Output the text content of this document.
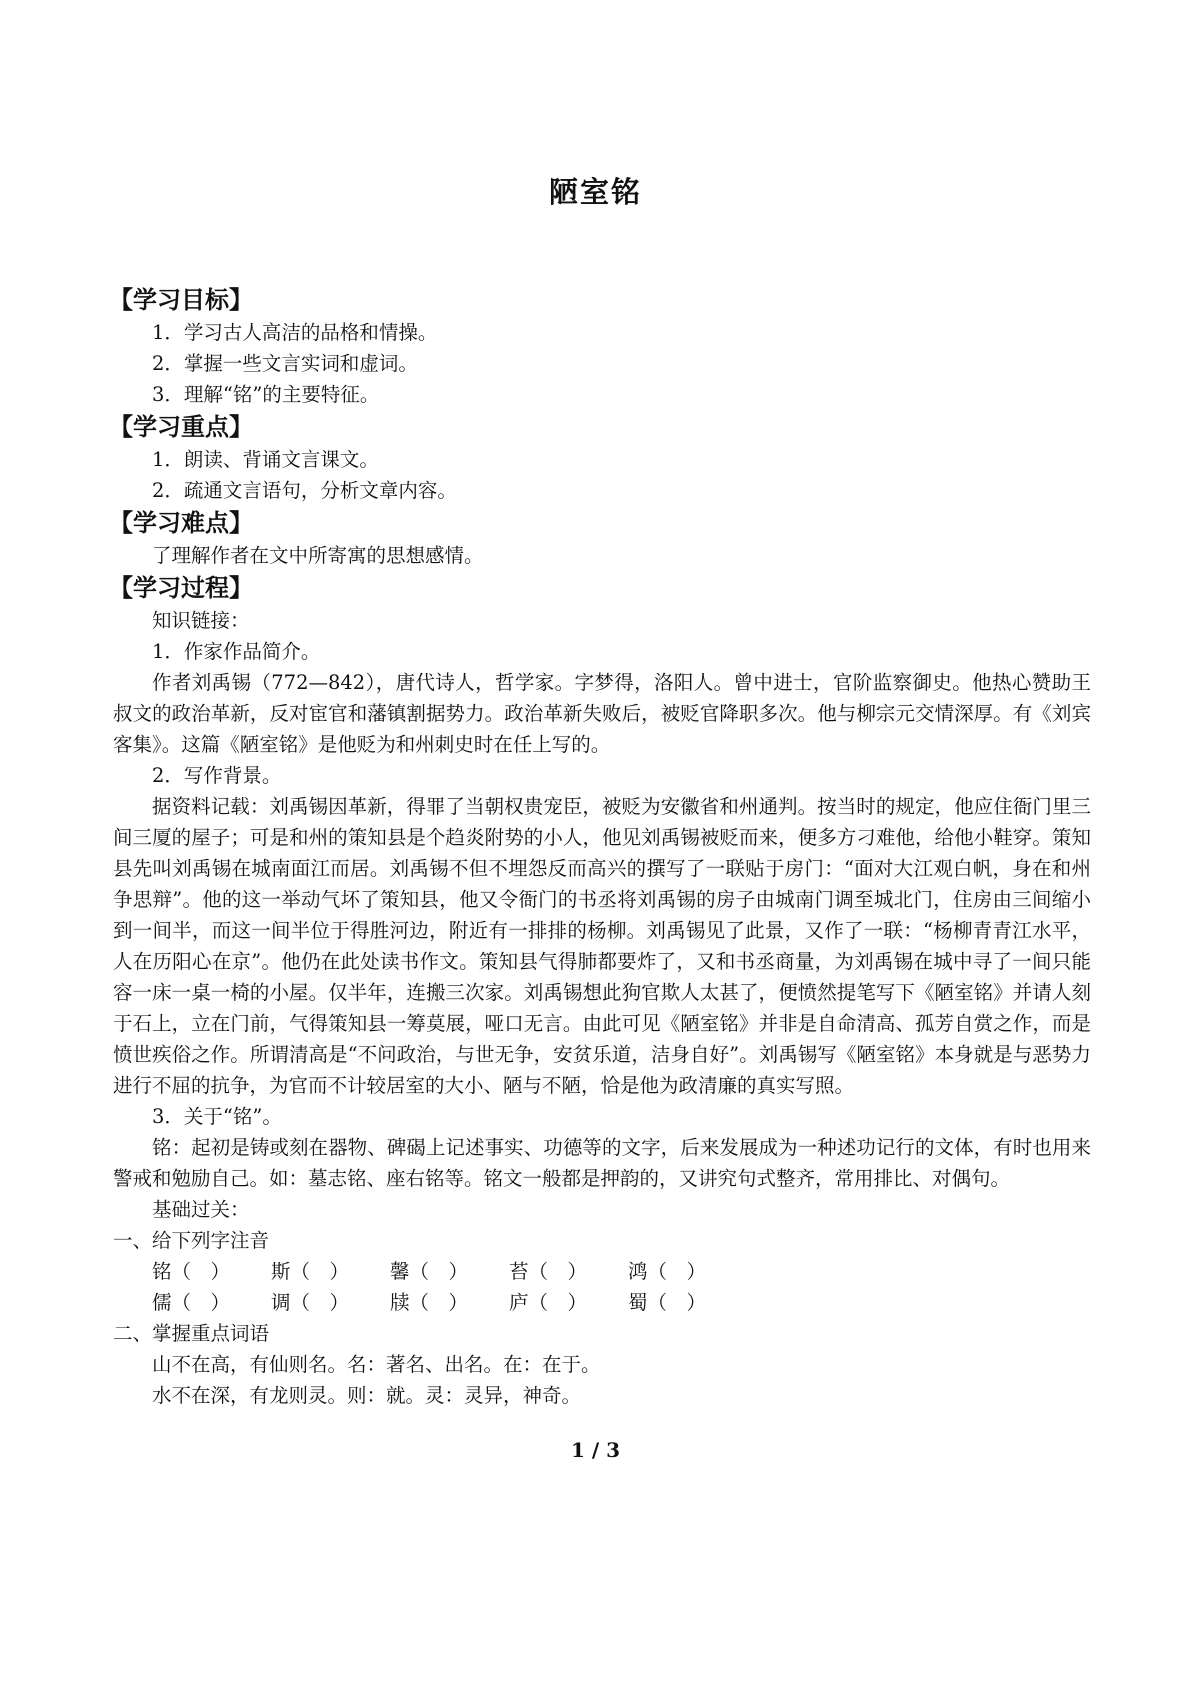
陋室铭
【学习目标】
1．学习古人高洁的品格和情操。
2．掌握一些文言实词和虚词。
3．理解“铭”的主要特征。
【学习重点】
1．朗读、背诵文言课文。
2．疏通文言语句，分析文章内容。
【学习难点】
了理解作者在文中所寄寓的思想感情。
【学习过程】
知识链接：
1．作家作品简介。
作者刘禹锡（772—842），唐代诗人，哲学家。字梦得，洛阳人。曾中进士，官阶监察御史。他热心赞助王叔文的政治革新，反对宦官和藩镇割据势力。政治革新失败后，被贬官降职多次。他与柳宗元交情深厚。有《刘宾客集》。这篇《陋室铭》是他贬为和州刺史时在任上写的。
2．写作背景。
据资料记载：刘禹锡因革新，得罪了当朝权贵宠臣，被贬为安徽省和州通判。按当时的规定，他应住衙门里三间三厦的屋子；可是和州的策知县是个趋炎附势的小人，他见刘禹锡被贬而来，便多方刁难他，给他小鞋穿。策知县先叫刘禹锡在城南面江而居。刘禹锡不但不埋怨反而高兴的撰写了一联贴于房门：“面对大江观白帆，身在和州争思辩”。他的这一举动气坏了策知县，他又令衙门的书丞将刘禹锡的房子由城南门调至城北门，住房由三间缩小到一间半，而这一间半位于得胜河边，附近有一排排的杨柳。刘禹锡见了此景，又作了一联：“杨柳青青江水平，人在历阳心在京”。他仍在此处读书作文。策知县气得肺都要炸了，又和书丞商量，为刘禹锡在城中寻了一间只能容一床一桌一椅的小屋。仅半年，连搬三次家。刘禹锡想此狗官欺人太甚了，便愤然提笔写下《陋室铭》并请人刻于石上，立在门前，气得策知县一筹莫展，哑口无言。由此可见《陋室铭》并非是自命清高、孤芳自赏之作，而是愤世疾俗之作。所谓清高是“不问政治，与世无争，安贫乐道，洁身自好”。刘禹锡写《陋室铭》本身就是与恶势力进行不屈的抗争，为官而不计较居室的大小、陋与不陋，恰是他为政清廉的真实写照。
3．关于“铭”。
铭：起初是铸或刻在器物、碑碣上记述事实、功德等的文字，后来发展成为一种述功记行的文体，有时也用来警戒和勉励自己。如：墓志铭、座右铭等。铭文一般都是押韵的，又讲究句式整齐，常用排比、对偶句。
基础过关：
一、给下列字注音
铭（　）	斯（　）	馨（　）	苔（　）	鸿（　）
儒（　）	调（　）	牍（　）	庐（　）	蜀（　）
二、掌握重点词语
山不在高，有仙则名。名：著名、出名。在：在于。
水不在深，有龙则灵。则：就。灵：灵异，神奇。
1 / 3
